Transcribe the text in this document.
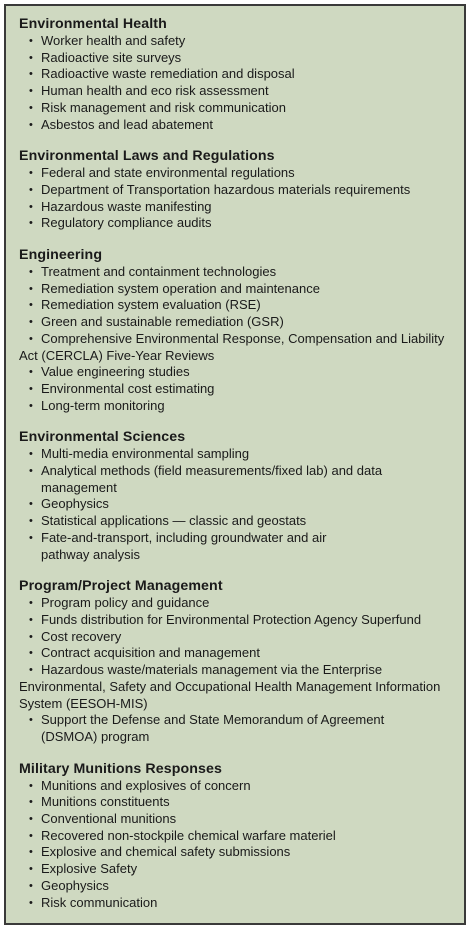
Environmental Health
• Worker health and safety
• Radioactive site surveys
• Radioactive waste remediation and disposal
• Human health and eco risk assessment
• Risk management and risk communication
• Asbestos and lead abatement
Environmental Laws and Regulations
• Federal and state environmental regulations
• Department of Transportation hazardous materials requirements
• Hazardous waste manifesting
• Regulatory compliance audits
Engineering
• Treatment and containment technologies
• Remediation system operation and maintenance
• Remediation system evaluation (RSE)
• Green and sustainable remediation (GSR)
• Comprehensive Environmental Response, Compensation and Liability Act (CERCLA) Five-Year Reviews
• Value engineering studies
• Environmental cost estimating
• Long-term monitoring
Environmental Sciences
• Multi-media environmental sampling
• Analytical methods (field measurements/fixed lab) and data management
• Geophysics
• Statistical applications — classic and geostats
• Fate-and-transport, including groundwater and air pathway analysis
Program/Project Management
• Program policy and guidance
• Funds distribution for Environmental Protection Agency Superfund
• Cost recovery
• Contract acquisition and management
• Hazardous waste/materials management via the Enterprise Environmental, Safety and Occupational Health Management Information System (EESOH-MIS)
• Support the Defense and State Memorandum of Agreement (DSMOA) program
Military Munitions Responses
• Munitions and explosives of concern
• Munitions constituents
• Conventional munitions
• Recovered non-stockpile chemical warfare materiel
• Explosive and chemical safety submissions
• Explosive Safety
• Geophysics
• Risk communication
